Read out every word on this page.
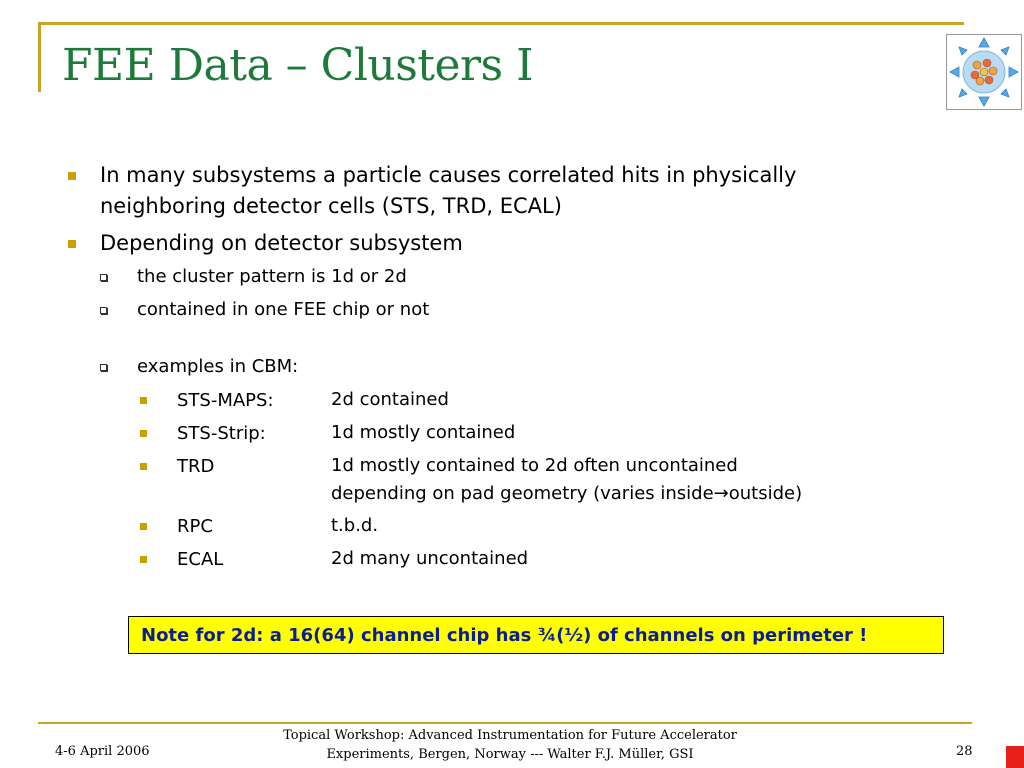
FEE Data – Clusters I
In many subsystems a particle causes correlated hits in physically
neighboring detector cells (STS, TRD, ECAL)
Depending on detector subsystem
the cluster pattern is 1d or 2d
contained in one FEE chip or not
examples in CBM:
STS-MAPS:	2d contained
STS-Strip:	1d mostly contained
TRD	1d mostly contained to 2d often uncontained
depending on pad geometry (varies inside→outside)
RPC	t.b.d.
ECAL	2d many uncontained
Note for 2d: a 16(64) channel chip has ¾(½) of channels on perimeter !
4-6 April 2006
Topical Workshop: Advanced Instrumentation for Future Accelerator
Experiments, Bergen, Norway --- Walter F.J. Müller, GSI	28
